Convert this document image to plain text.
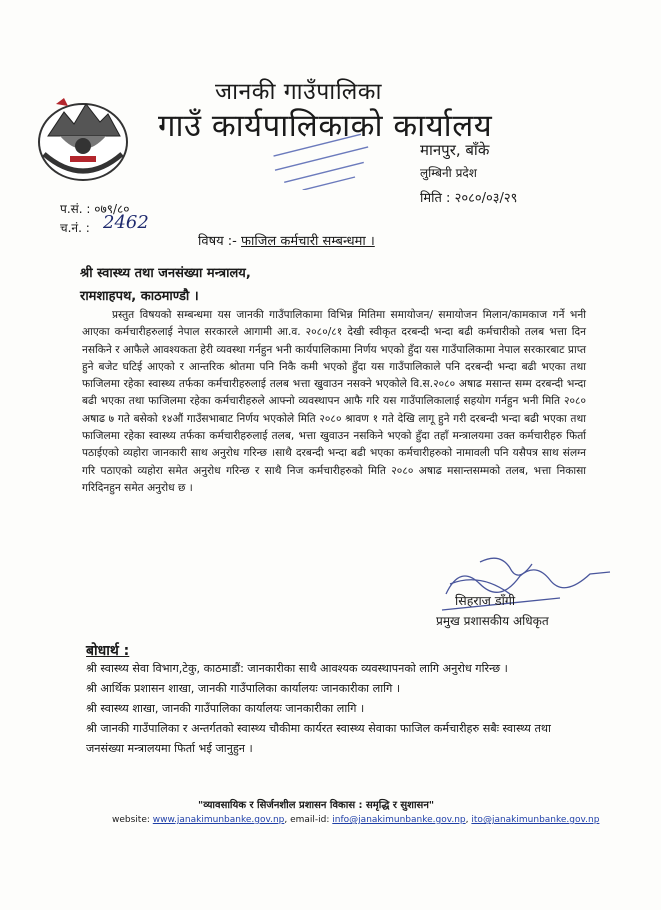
जानकी गाउँपालिका
गाउँ कार्यपालिकाको कार्यालय
मानपुर, बाँके
लुम्बिनी प्रदेश
मिति : २०८०/०३/२९
प.सं. : ०७९/८०
च.नं. : 2462
विषय :- फाजिल कर्मचारी सम्बन्धमा ।
श्री स्वास्थ्य तथा जनसंख्या मन्त्रालय,
रामशाहपथ, काठमाण्डौ ।
प्रस्तुत विषयको सम्बन्धमा यस जानकी गाउँपालिकामा विभिन्न मितिमा समायोजन/ समायोजन मिलान/कामकाज गर्ने भनी आएका कर्मचारीहरुलाई नेपाल सरकारले आगामी आ.व. २०८०/८१ देखी स्वीकृत दरबन्दी भन्दा बढी कर्मचारीको तलब भत्ता दिन नसकिने र आफैले आवश्यकता हेरी व्यवस्था गर्नहुन भनी कार्यपालिकामा निर्णय भएको हुँदा यस गाउँपालिकामा नेपाल सरकारबाट प्राप्त हुने बजेट घटिई आएको र आन्तरिक श्रोतमा पनि निकै कमी भएको हुँदा यस गाउँपालिकाले पनि दरबन्दी भन्दा बढी भएका तथा फाजिलमा रहेका स्वास्थ्य तर्फका कर्मचारीहरुलाई तलब भत्ता खुवाउन नसक्ने भएकोले वि.स.२०८० अषाढ मसान्त सम्म दरबन्दी भन्दा बढी भएका तथा फाजिलमा रहेका कर्मचारीहरुले आफ्नो व्यवस्थापन आफै गरि यस गाउँपालिकालाई सहयोग गर्नहुन भनी मिति २०८० अषाढ ७ गते बसेको १४औं गाउँसभाबाट निर्णय भएकोले मिति २०८० श्रावण १ गते देखि लागू हुने गरी दरबन्दी भन्दा बढी भएका तथा फाजिलमा रहेका स्वास्थ्य तर्फका कर्मचारीहरुलाई तलब, भत्ता खुवाउन नसकिने भएको हुँदा तहाँ मन्त्रालयमा उक्त कर्मचारीहरु फिर्ता पठाईएको व्यहोरा जानकारी साथ अनुरोध गरिन्छ ।साथै दरबन्दी भन्दा बढी भएका कर्मचारीहरुको नामावली पनि यसैपत्र साथ संलग्न गरि पठाएको व्यहोरा समेत अनुरोध गरिन्छ र साथै निज कर्मचारीहरुको मिति २०८० अषाढ मसान्तसम्मको तलब, भत्ता निकासा गरिदिनहुन समेत अनुरोध छ ।
सिहराज डाँगी
प्रमुख प्रशासकीय अधिकृत
बोधार्थ :
श्री स्वास्थ्य सेवा विभाग,टेकु, काठमाडौं: जानकारीका साथै आवश्यक व्यवस्थापनको लागि अनुरोध गरिन्छ ।
श्री आर्थिक प्रशासन शाखा, जानकी गाउँपालिका कार्यालयः जानकारीका लागि ।
श्री स्वास्थ्य शाखा, जानकी गाउँपालिका कार्यालयः जानकारीका लागि ।
श्री जानकी गाउँपालिका र अन्तर्गतको स्वास्थ्य चौकीमा कार्यरत स्वास्थ्य सेवाका फाजिल कर्मचारीहरु सबैः स्वास्थ्य तथा जनसंख्या मन्त्रालयमा फिर्ता भई जानुहुन ।
"व्यावसायिक र सिर्जनशील प्रशासन विकास : समृद्धि र सुशासन"
website: www.janakimunbanke.gov.np, email-id: info@janakimunbanke.gov.np, ito@janakimunbanke.gov.np
